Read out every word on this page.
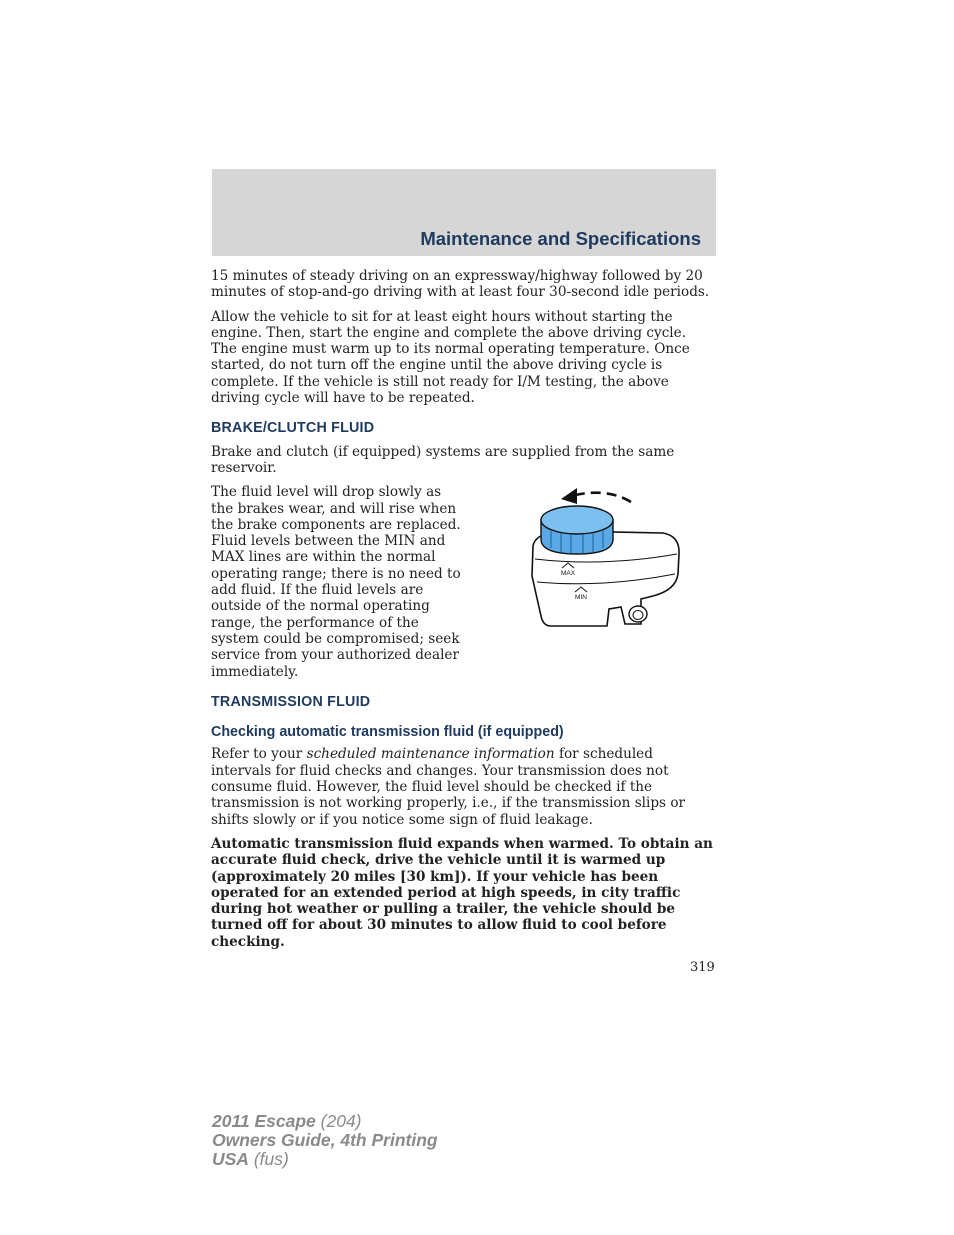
Maintenance and Specifications

15 minutes of steady driving on an expressway/highway followed by 20 minutes of stop-and-go driving with at least four 30-second idle periods.

Allow the vehicle to sit for at least eight hours without starting the engine. Then, start the engine and complete the above driving cycle. The engine must warm up to its normal operating temperature. Once started, do not turn off the engine until the above driving cycle is complete. If the vehicle is still not ready for I/M testing, the above driving cycle will have to be repeated.

BRAKE/CLUTCH FLUID

Brake and clutch (if equipped) systems are supplied from the same reservoir.

The fluid level will drop slowly as the brakes wear, and will rise when the brake components are replaced. Fluid levels between the MIN and MAX lines are within the normal operating range; there is no need to add fluid. If the fluid levels are outside of the normal operating range, the performance of the system could be compromised; seek service from your authorized dealer immediately.

MAX
MIN
TRANSMISSION FLUID
Checking automatic transmission fluid (if equipped)

Refer to your scheduled maintenance information for scheduled intervals for fluid checks and changes. Your transmission does not consume fluid. However, the fluid level should be checked if the transmission is not working properly, i.e., if the transmission slips or shifts slowly or if you notice some sign of fluid leakage.

Automatic transmission fluid expands when warmed. To obtain an accurate fluid check, drive the vehicle until it is warmed up (approximately 20 miles [30 km]). If your vehicle has been operated for an extended period at high speeds, in city traffic during hot weather or pulling a trailer, the vehicle should be turned off for about 30 minutes to allow fluid to cool before checking.

319
2011 Escape (204)
Owners Guide, 4th Printing
USA (fus)
